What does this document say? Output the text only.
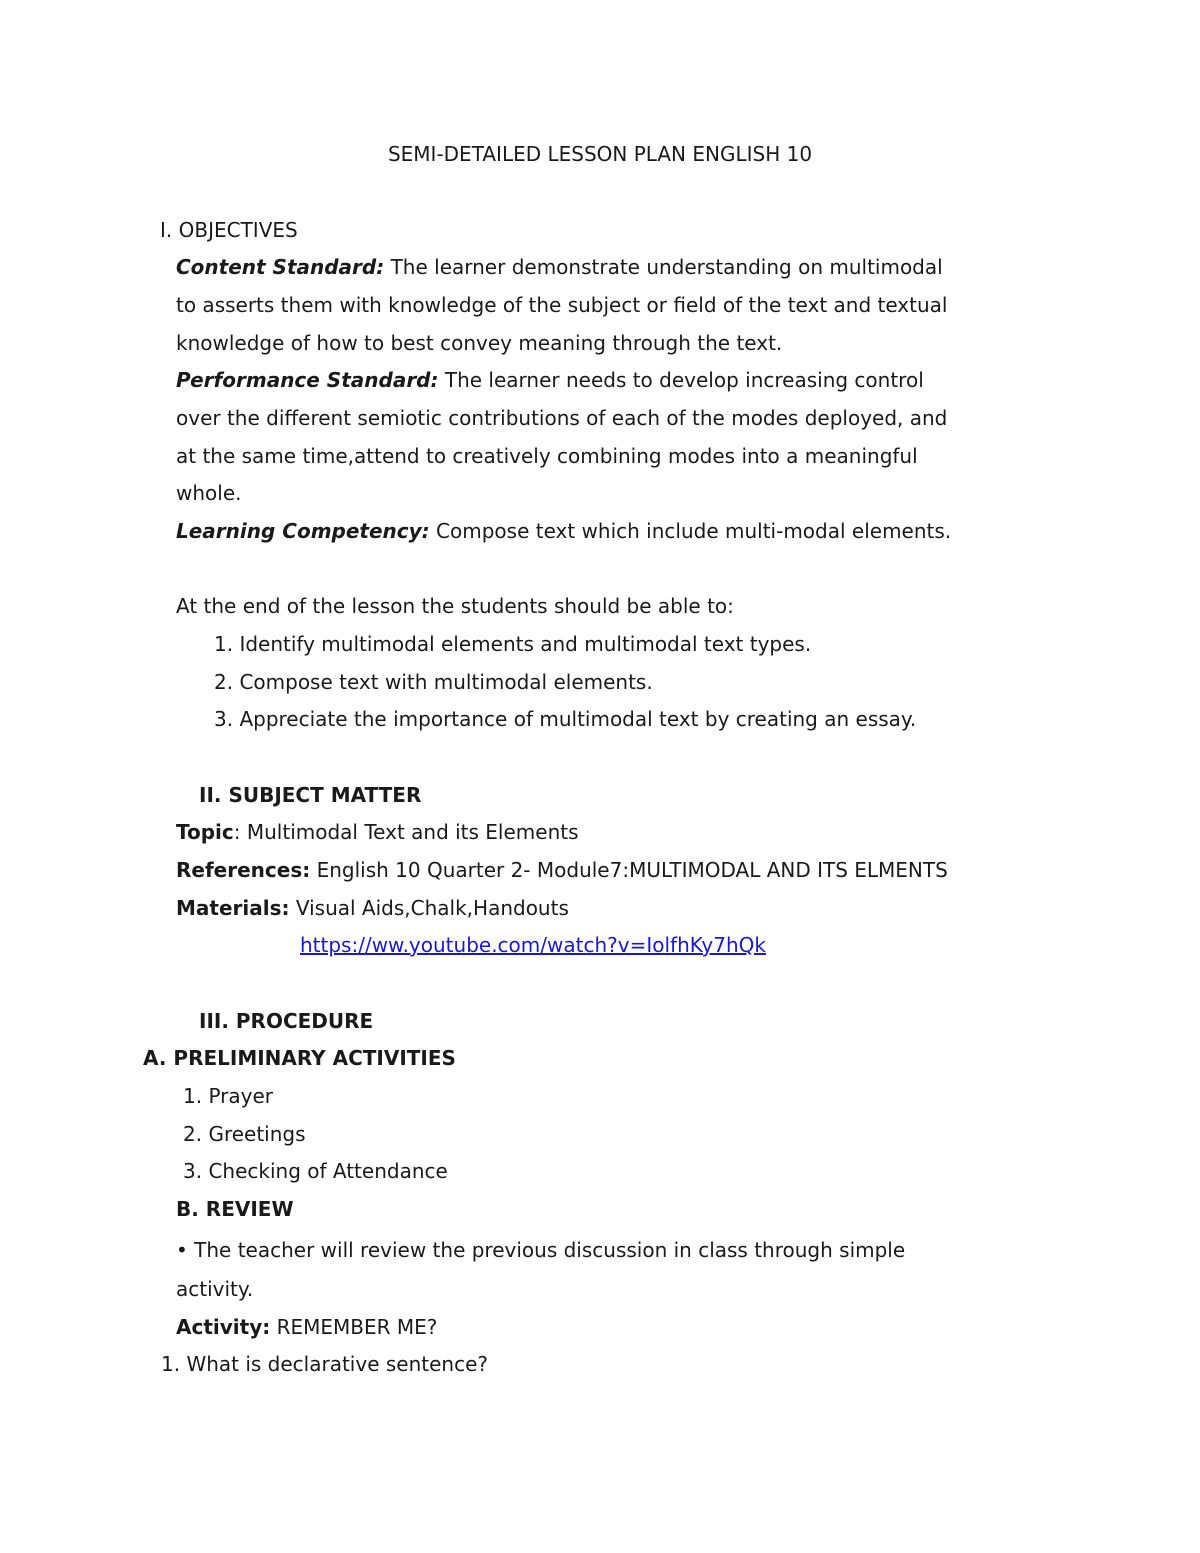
SEMI-DETAILED LESSON PLAN ENGLISH 10
I. OBJECTIVES
Content Standard: The learner demonstrate understanding on multimodal
to asserts them with knowledge of the subject or field of the text and textual
knowledge of how to best convey meaning through the text.
Performance Standard: The learner needs to develop increasing control
over the different semiotic contributions of each of the modes deployed, and
at the same time,attend to creatively combining modes into a meaningful
whole.
Learning Competency: Compose text which include multi-modal elements.
At the end of the lesson the students should be able to:
1. Identify multimodal elements and multimodal text types.
2. Compose text with multimodal elements.
3. Appreciate the importance of multimodal text by creating an essay.
II. SUBJECT MATTER
Topic: Multimodal Text and its Elements
References: English 10 Quarter 2- Module7:MULTIMODAL AND ITS ELMENTS
Materials: Visual Aids,Chalk,Handouts
https://ww.youtube.com/watch?v=IolfhKy7hQk
III. PROCEDURE
A. PRELIMINARY ACTIVITIES
1. Prayer
2. Greetings
3. Checking of Attendance
B. REVIEW
• The teacher will review the previous discussion in class through simple
activity.
Activity: REMEMBER ME?
1. What is declarative sentence?
